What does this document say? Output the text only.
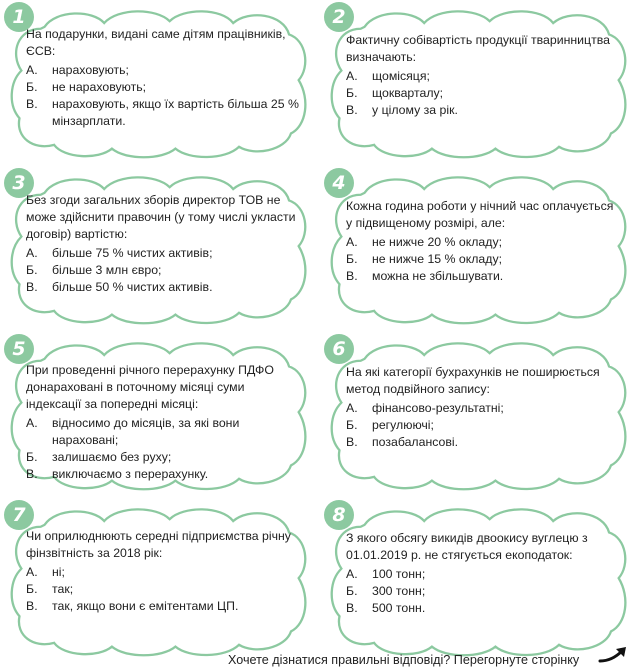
1

На подарунки, видані саме дітям працівників, ЄСВ:

А.	нараховують;
Б.	не нараховують;
В.	нараховують, якщо їх вартість більша 25 % мінзарплати.
2

Фактичну собівартість продукції тваринництва визначають:

А.	щомісяця;
Б.	щокварталу;
В.	у цілому за рік.
3

Без згоди загальних зборів директор ТОВ не може здійснити правочин (у тому числі укласти договір) вартістю:

А.	більше 75 % чистих активів;
Б.	більше 3 млн євро;
В.	більше 50 % чистих активів.
4

Кожна година роботи у нічний час оплачується у підвищеному розмірі, але:

А.	не нижче 20 % окладу;
Б.	не нижче 15 % окладу;
В.	можна не збільшувати.
5

При проведенні річного перерахунку ПДФО донараховані в поточному місяці суми індексації за попередні місяці:

А.	відносимо до місяців, за які вони нараховані;
Б.	залишаємо без руху;
В.	виключаємо з перерахунку.
6

На які категорії бухрахунків не поширюється метод подвійного запису:

А.	фінансово-результатні;
Б.	регулюючі;
В.	позабалансові.
7

Чи оприлюднюють середні підприємства річну фінзвітність за 2018 рік:

А.	ні;
Б.	так;
В.	так, якщо вони є емітентами ЦП.
8

З якого обсягу викидів двоокису вуглецю з 01.01.2019 р. не стягується екоподаток:

А.	100 тонн;
Б.	300 тонн;
В.	500 тонн.
Хочете дізнатися правильні відповіді? Перегорнуте сторінку
